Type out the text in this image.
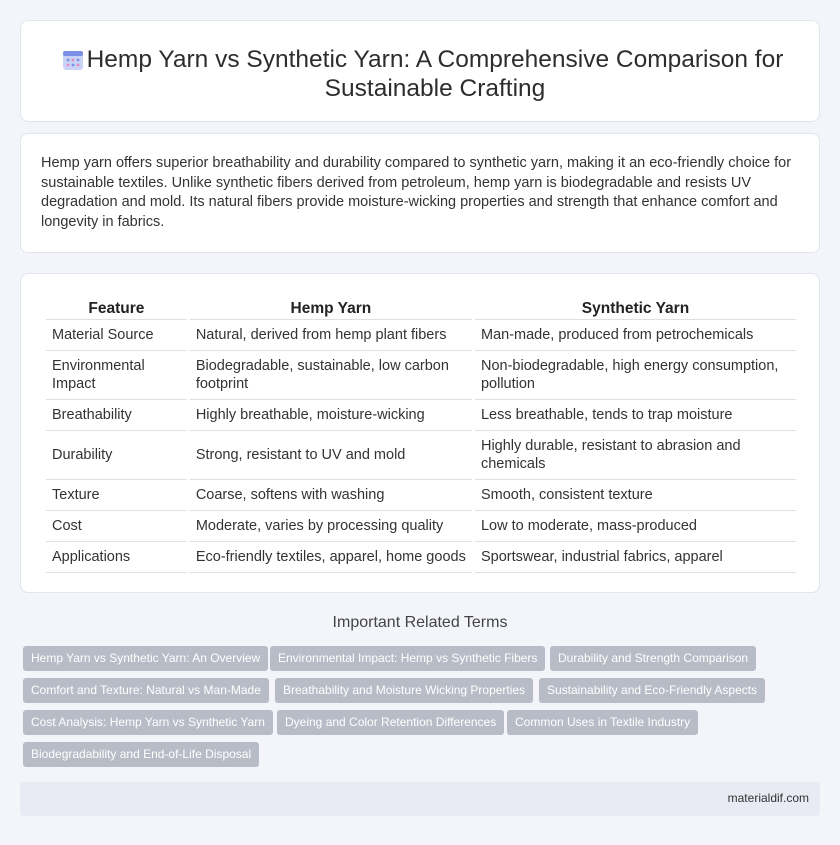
Hemp Yarn vs Synthetic Yarn: A Comprehensive Comparison for Sustainable Crafting

Hemp yarn offers superior breathability and durability compared to synthetic yarn, making it an eco-friendly choice for sustainable textiles. Unlike synthetic fibers derived from petroleum, hemp yarn is biodegradable and resists UV degradation and mold. Its natural fibers provide moisture-wicking properties and strength that enhance comfort and longevity in fabrics.

Feature	Hemp Yarn	Synthetic Yarn
Material Source	Natural, derived from hemp plant fibers	Man-made, produced from petrochemicals
Environmental Impact	Biodegradable, sustainable, low carbon footprint	Non-biodegradable, high energy consumption, pollution
Breathability	Highly breathable, moisture-wicking	Less breathable, tends to trap moisture
Durability	Strong, resistant to UV and mold	Highly durable, resistant to abrasion and chemicals
Texture	Coarse, softens with washing	Smooth, consistent texture
Cost	Moderate, varies by processing quality	Low to moderate, mass-produced
Applications	Eco-friendly textiles, apparel, home goods	Sportswear, industrial fabrics, apparel
Important Related Terms
Hemp Yarn vs Synthetic Yarn: An Overview	Environmental Impact: Hemp vs Synthetic Fibers	Durability and Strength Comparison
Comfort and Texture: Natural vs Man-Made	Breathability and Moisture Wicking Properties	Sustainability and Eco-Friendly Aspects
Cost Analysis: Hemp Yarn vs Synthetic Yarn	Dyeing and Color Retention Differences	Common Uses in Textile Industry
Biodegradability and End-of-Life Disposal
materialdif.com
